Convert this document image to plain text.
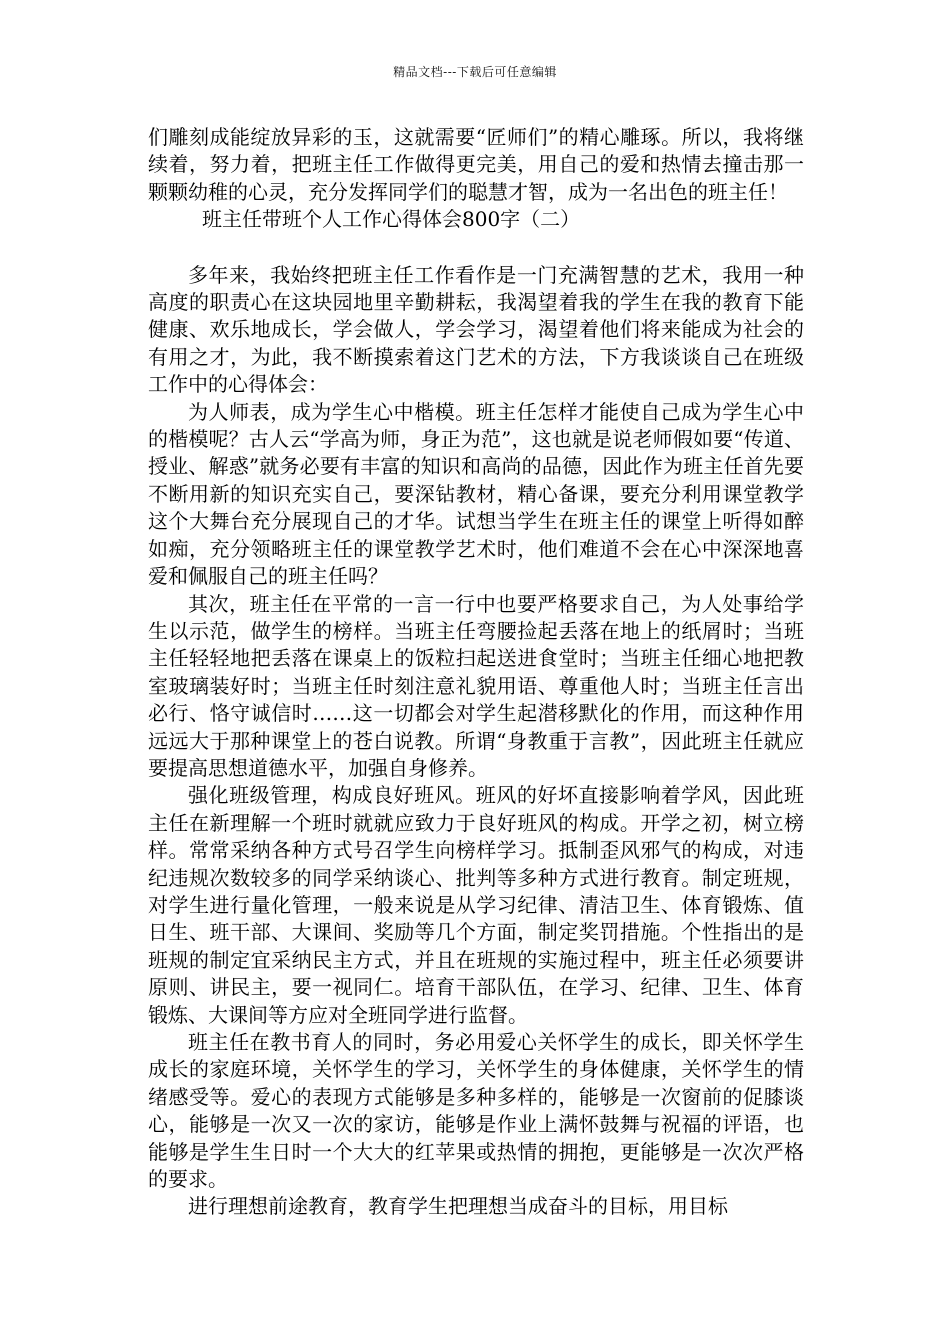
精品文档---下载后可任意编辑

们雕刻成能绽放异彩的玉，这就需要“匠师们”的精心雕琢。所以，我将继续着，努力着，把班主任工作做得更完美，用自己的爱和热情去撞击那一颗颗幼稚的心灵，充分发挥同学们的聪慧才智，成为一名出色的班主任！

班主任带班个人工作心得体会800字（二）

多年来，我始终把班主任工作看作是一门充满智慧的艺术，我用一种高度的职责心在这块园地里辛勤耕耘，我渴望着我的学生在我的教育下能健康、欢乐地成长，学会做人，学会学习，渴望着他们将来能成为社会的有用之才，为此，我不断摸索着这门艺术的方法，下方我谈谈自己在班级工作中的心得体会：

为人师表，成为学生心中楷模。班主任怎样才能使自己成为学生心中的楷模呢？古人云“学高为师，身正为范”，这也就是说老师假如要“传道、授业、解惑”就务必要有丰富的知识和高尚的品德，因此作为班主任首先要不断用新的知识充实自己，要深钻教材，精心备课，要充分利用课堂教学这个大舞台充分展现自己的才华。试想当学生在班主任的课堂上听得如醉如痴，充分领略班主任的课堂教学艺术时，他们难道不会在心中深深地喜爱和佩服自己的班主任吗？

其次，班主任在平常的一言一行中也要严格要求自己，为人处事给学生以示范，做学生的榜样。当班主任弯腰捡起丢落在地上的纸屑时；当班主任轻轻地把丢落在课桌上的饭粒扫起送进食堂时；当班主任细心地把教室玻璃装好时；当班主任时刻注意礼貌用语、尊重他人时；当班主任言出必行、恪守诚信时……这一切都会对学生起潜移默化的作用，而这种作用远远大于那种课堂上的苍白说教。所谓“身教重于言教”，因此班主任就应要提高思想道德水平，加强自身修养。

强化班级管理，构成良好班风。班风的好坏直接影响着学风，因此班主任在新理解一个班时就就应致力于良好班风的构成。开学之初，树立榜样。常常采纳各种方式号召学生向榜样学习。抵制歪风邪气的构成，对违纪违规次数较多的同学采纳谈心、批判等多种方式进行教育。制定班规，对学生进行量化管理，一般来说是从学习纪律、清洁卫生、体育锻炼、值日生、班干部、大课间、奖励等几个方面，制定奖罚措施。个性指出的是班规的制定宜采纳民主方式，并且在班规的实施过程中，班主任必须要讲原则、讲民主，要一视同仁。培育干部队伍，在学习、纪律、卫生、体育锻炼、大课间等方应对全班同学进行监督。

班主任在教书育人的同时，务必用爱心关怀学生的成长，即关怀学生成长的家庭环境，关怀学生的学习，关怀学生的身体健康，关怀学生的情绪感受等。爱心的表现方式能够是多种多样的，能够是一次窗前的促膝谈心，能够是一次又一次的家访，能够是作业上满怀鼓舞与祝福的评语，也能够是学生生日时一个大大的红苹果或热情的拥抱，更能够是一次次严格的要求。

进行理想前途教育，教育学生把理想当成奋斗的目标，用目标
